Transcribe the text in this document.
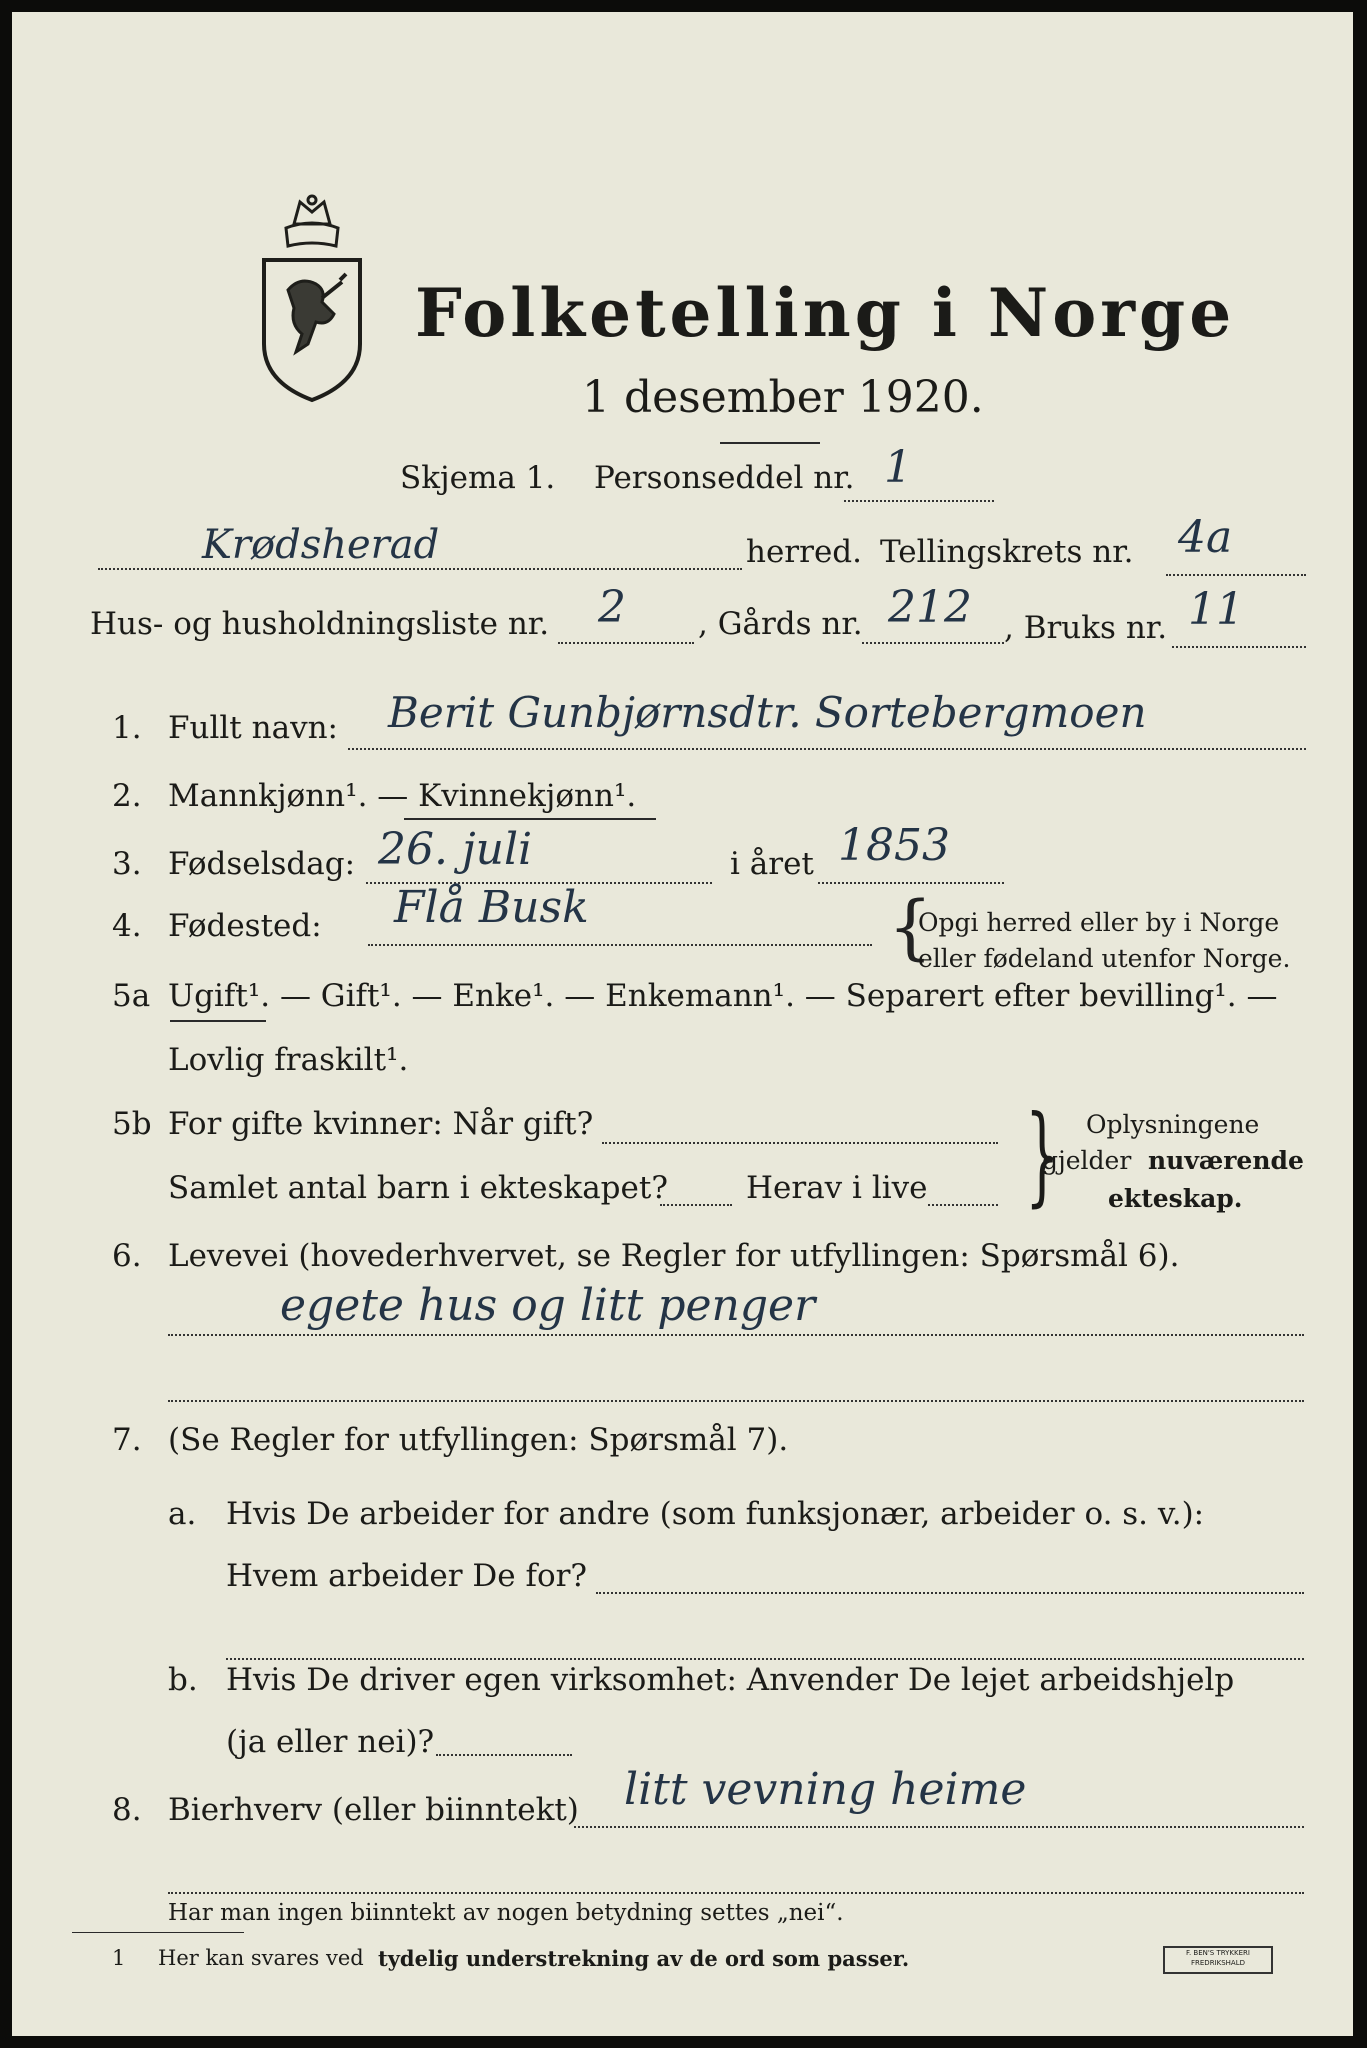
Folketelling i Norge
1 desember 1920.
Skjema 1. Personseddel nr. 1
Krødsherad	herred. Tellingskrets nr. 4a
Hus- og husholdningsliste nr. 2 , Gårds nr. 212 , Bruks nr. 11
1. Fullt navn: Berit Gunbjørnsdtr. Sortebergmoen
2. Mannkjønn¹. — Kvinnekjønn¹.
3. Fødselsdag: 26. juli	i året 1853
4. Fødested: Flå Busk	{
Opgi herred eller by i Norge
eller fødeland utenfor Norge.
5a Ugift¹. — Gift¹. — Enke¹. — Enkemann¹. — Separert efter bevilling¹. —
Lovlig fraskilt¹.
5b For gifte kvinner: Når gift?
Samlet antal barn i ekteskapet?	Herav i live } Oplysningene
gjelder nuværende
ekteskap.
6. Levevei (hovederhvervet, se Regler for utfyllingen: Spørsmål 6).
egete hus og litt penger
7. (Se Regler for utfyllingen: Spørsmål 7).
a. Hvis De arbeider for andre (som funksjonær, arbeider o. s. v.):
Hvem arbeider De for?
b. Hvis De driver egen virksomhet: Anvender De lejet arbeidshjelp
(ja eller nei)?
8. Bierhverv (eller biinntekt) litt vevning heime
Har man ingen biinntekt av nogen betydning settes „nei“.
1 Her kan svares ved tydelig understrekning av de ord som passer.	F. BEN'S TRYKKERI FREDRIKSHALD
